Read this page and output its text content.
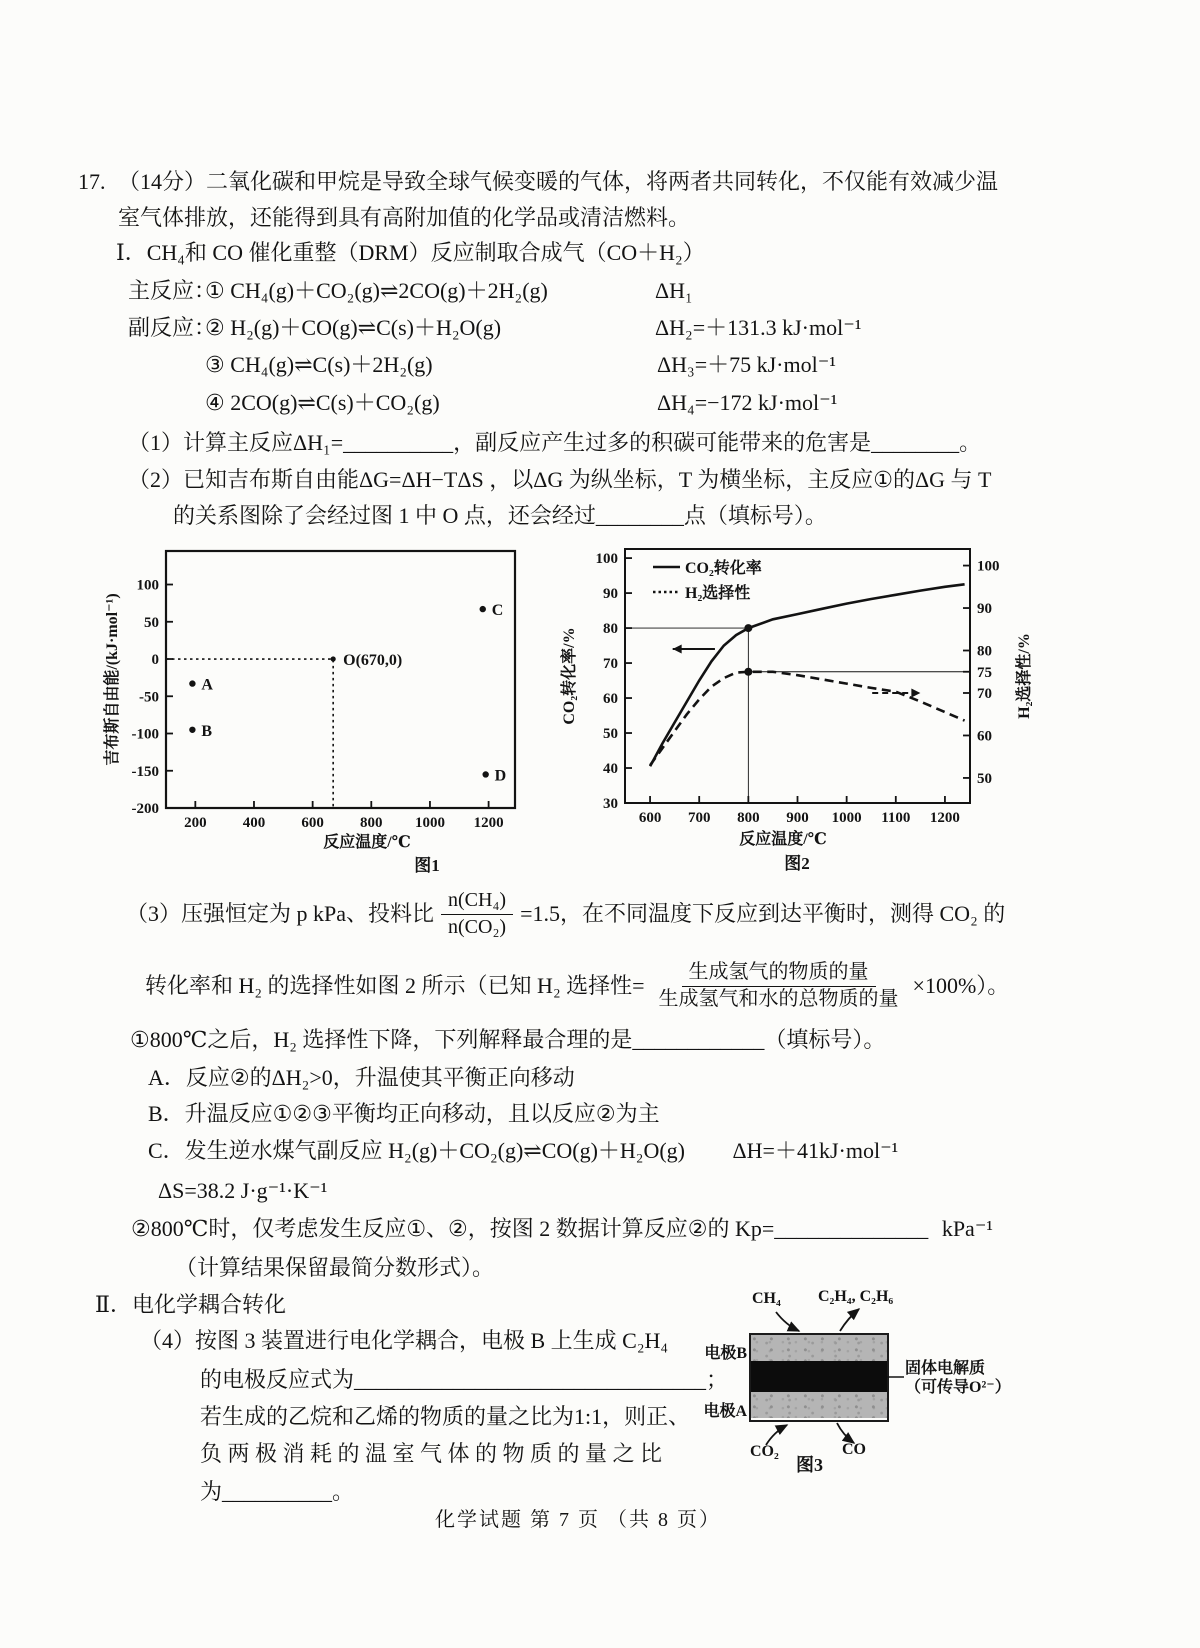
17. （14分）二氧化碳和甲烷是导致全球气候变暖的气体，将两者共同转化，不仅能有效减少温
室气体排放，还能得到具有高附加值的化学品或清洁燃料。
Ⅰ．CH₄和 CO 催化重整（DRM）反应制取合成气（CO＋H₂）
主反应：
① CH₄(g)＋CO₂(g)⇌2CO(g)＋2H₂(g)	ΔH₁
副反应：
② H₂(g)＋CO(g)⇌C(s)＋H₂O(g)	ΔH₂=＋131.3 kJ·mol⁻¹
③ CH₄(g)⇌C(s)＋2H₂(g)	ΔH₃=＋75 kJ·mol⁻¹
④ 2CO(g)⇌C(s)＋CO₂(g)	ΔH₄=−172 kJ·mol⁻¹
（1）计算主反应ΔH₁=__________，副反应产生过多的积碳可能带来的危害是________。
（2）已知吉布斯自由能ΔG=ΔH−TΔS ，以ΔG 为纵坐标，T 为横坐标，主反应①的ΔG 与 T
的关系图除了会经过图 1 中 O 点，还会经过________点（填标号）。
100
50
0
-50
-100
-150
-200
200 400 600 800 1000 1200
O(670,0)
A
B
C
D
吉布斯自由能/(kJ·mol⁻¹)
反应温度/℃
图1
30
40
50
60
70
80
90
100
50
60
70
75
80
90
100
600 700 800 900 1000 1100 1200
CO₂转化率
H₂选择性
CO₂转化率/%	H₂选择性/%
反应温度/℃
图2
（3）压强恒定为 p kPa、投料比 $\frac{\text{n(CH₄)}}{\text{n(CO₂)}} =1.5$，在不同温度下反应到达平衡时，测得 CO₂ 的
转化率和 H₂ 的选择性如图 2 所示（已知 H₂ 选择性= $\frac{\text{生成氢气的物质的量}}{\text{生成氢气和水的总物质的量}} \times 100\%$）。
①800℃之后，H₂ 选择性下降，下列解释最合理的是____________（填标号）。
A．反应②的ΔH₂>0，升温使其平衡正向移动
B．升温反应①②③平衡均正向移动，且以反应②为主
C．发生逆水煤气副反应 H₂(g)＋CO₂(g)⇌CO(g)＋H₂O(g) ΔH=＋41kJ·mol⁻¹
ΔS=38.2 J·g⁻¹·K⁻¹
②800℃时，仅考虑发生反应①、②，按图 2 数据计算反应②的 Kp=______________ kPa⁻¹
（计算结果保留最简分数形式）。
Ⅱ．电化学耦合转化
（4）按图 3 装置进行电化学耦合，电极 B 上生成 C₂H₄
的电极反应式为________________________________；
若生成的乙烷和乙烯的物质的量之比为1:1，则正、
负 两 极 消 耗 的 温 室 气 体 的 物 质 的 量 之 比
为__________。
电极B
电极A
CH₄ C₂H₄, C₂H₆
CO₂	CO
固体电解质
（可传导O²⁻）
图3
化学试题 第 7 页 （共 8 页）
